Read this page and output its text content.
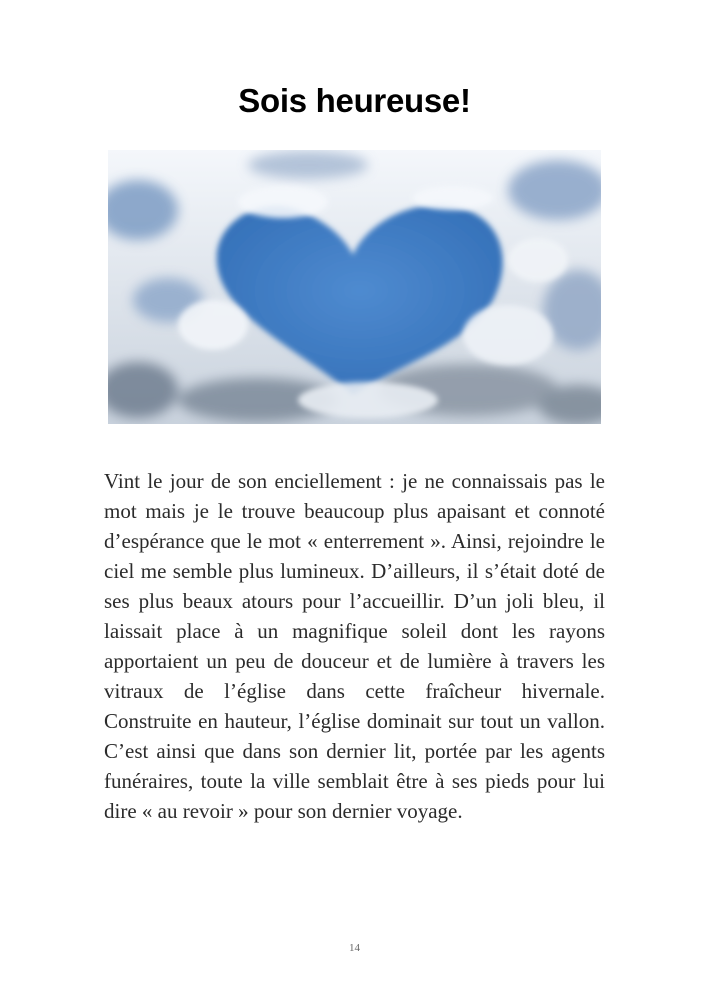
Sois heureuse!

Vint le jour de son enciellement : je ne connaissais pas le mot mais je le trouve beaucoup plus apaisant et connoté d’espérance que le mot « enterrement ». Ainsi, rejoindre le ciel me semble plus lumineux. D’ailleurs, il s’était doté de ses plus beaux atours pour l’accueillir. D’un joli bleu, il laissait place à un magnifique soleil dont les rayons apportaient un peu de douceur et de lumière à travers les vitraux de l’église dans cette fraîcheur hivernale. Construite en hauteur, l’église dominait sur tout un vallon. C’est ainsi que dans son dernier lit, portée par les agents funéraires, toute la ville semblait être à ses pieds pour lui dire « au revoir » pour son dernier voyage.

14
